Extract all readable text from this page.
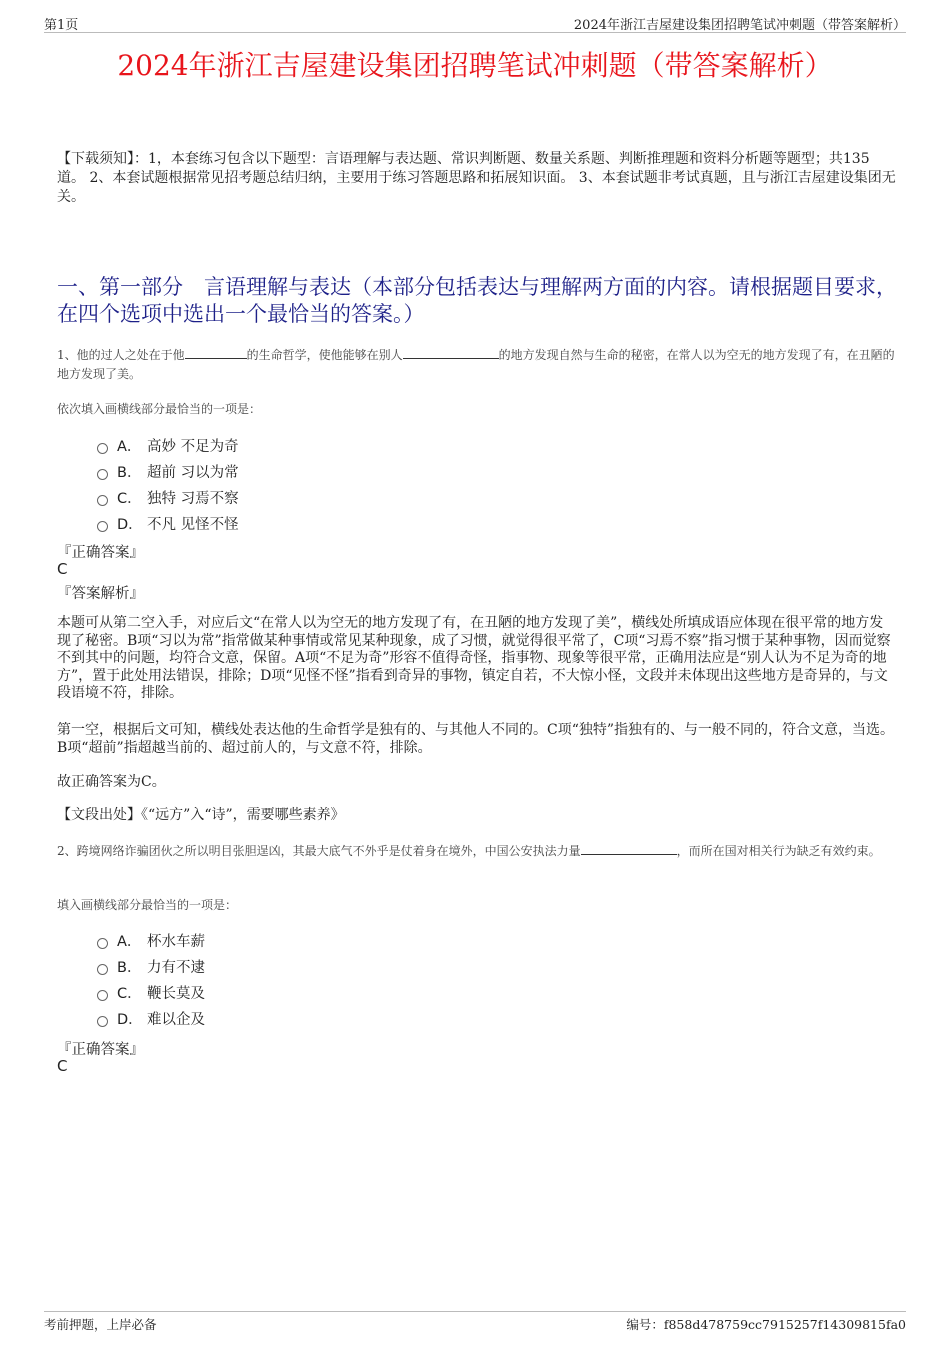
第1页	2024年浙江吉屋建设集团招聘笔试冲刺题（带答案解析）
2024年浙江吉屋建设集团招聘笔试冲刺题（带答案解析）
【下载须知】：1，本套练习包含以下题型：言语理解与表达题、常识判断题、数量关系题、判断推理题和资料分析题等题型；共135道。 2、本套试题根据常见招考题总结归纳，主要用于练习答题思路和拓展知识面。 3、本套试题非考试真题，且与浙江吉屋建设集团无关。
一、第一部分　言语理解与表达（本部分包括表达与理解两方面的内容。请根据题目要求，在四个选项中选出一个最恰当的答案。）
1、他的过人之处在于他	的生命哲学，使他能够在别人	的地方发现自然与生命的秘密，在常人以为空无的地方发现了有，在丑陋的地方发现了美。
依次填入画横线部分最恰当的一项是：
A． 高妙 不足为奇
B． 超前 习以为常
C． 独特 习焉不察
D． 不凡 见怪不怪
『正确答案』
C
『答案解析』
本题可从第二空入手，对应后文“在常人以为空无的地方发现了有，在丑陋的地方发现了美”，横线处所填成语应体现在很平常的地方发现了秘密。B项“习以为常”指常做某种事情或常见某种现象，成了习惯，就觉得很平常了，C项“习焉不察”指习惯于某种事物，因而觉察不到其中的问题，均符合文意，保留。A项“不足为奇”形容不值得奇怪，指事物、现象等很平常，正确用法应是“别人认为不足为奇的地方”，置于此处用法错误，排除；D项“见怪不怪”指看到奇异的事物，镇定自若，不大惊小怪，文段并未体现出这些地方是奇异的，与文段语境不符，排除。
第一空，根据后文可知，横线处表达他的生命哲学是独有的、与其他人不同的。C项“独特”指独有的、与一般不同的，符合文意，当选。B项“超前”指超越当前的、超过前人的，与文意不符，排除。
故正确答案为C。
【文段出处】《“远方”入“诗”，需要哪些素养》
2、跨境网络诈骗团伙之所以明目张胆逞凶，其最大底气不外乎是仗着身在境外，中国公安执法力量	，而所在国对相关行为缺乏有效约束。
填入画横线部分最恰当的一项是：
A． 杯水车薪
B． 力有不逮
C． 鞭长莫及
D． 难以企及
『正确答案』
C
考前押题，上岸必备	编号：f858d478759cc7915257f14309815fa0
